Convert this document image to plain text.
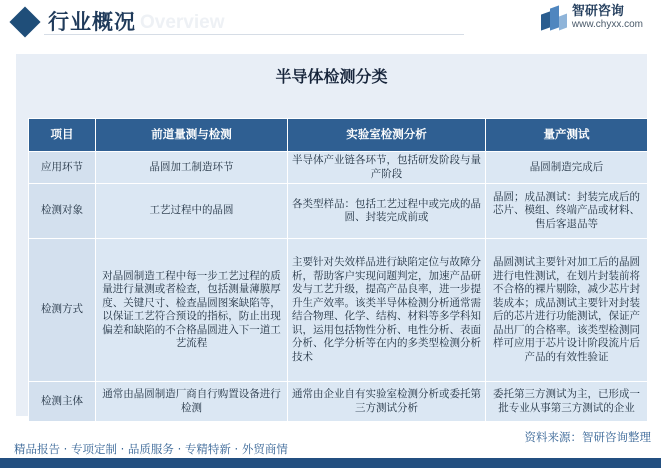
行业概况 Overview
智研咨询
www.chyxx.com
半导体检测分类
项目	前道量测与检测	实验室检测分析	量产测试
应用环节	晶圆加工制造环节	半导体产业链各环节，包括研发阶段与量产阶段	晶圆制造完成后
检测对象	工艺过程中的晶圆	各类型样品：包括工艺过程中或完成的晶圆、封装完成前或	晶圆；成品测试：封装完成后的芯片、模组、终端产品或材料、售后客退品等
检测方式	对晶圆制造工程中每一步工艺过程的质量进行量测或者检查，包括测量薄膜厚度、关键尺寸、检查晶圆图案缺陷等，以保证工艺符合预设的指标，防止出现偏差和缺陷的不合格晶圆进入下一道工艺流程	主要针对失效样品进行缺陷定位与故障分析，帮助客户实现问题判定，加速产品研发与工艺升级，提高产品良率，进一步提升生产效率。该类半导体检测分析通常需结合物理、化学、结构、材料等多学科知识，运用包括物性分析、电性分析、表面分析、化学分析等在内的多类型检测分析技术	晶圆测试主要针对加工后的晶圆进行电性测试，在划片封装前将不合格的裸片剔除，减少芯片封装成本；成品测试主要针对封装后的芯片进行功能测试，保证产品出厂的合格率。该类型检测同样可应用于芯片设计阶段流片后产品的有效性验证
检测主体	通常由晶圆制造厂商自行购置设备进行检测	通常由企业自有实验室检测分析或委托第三方测试分析	委托第三方测试为主，已形成一批专业从事第三方测试的企业
资料来源：智研咨询整理
精品报告 · 专项定制 · 品质服务 · 专精特新 · 外贸商情
